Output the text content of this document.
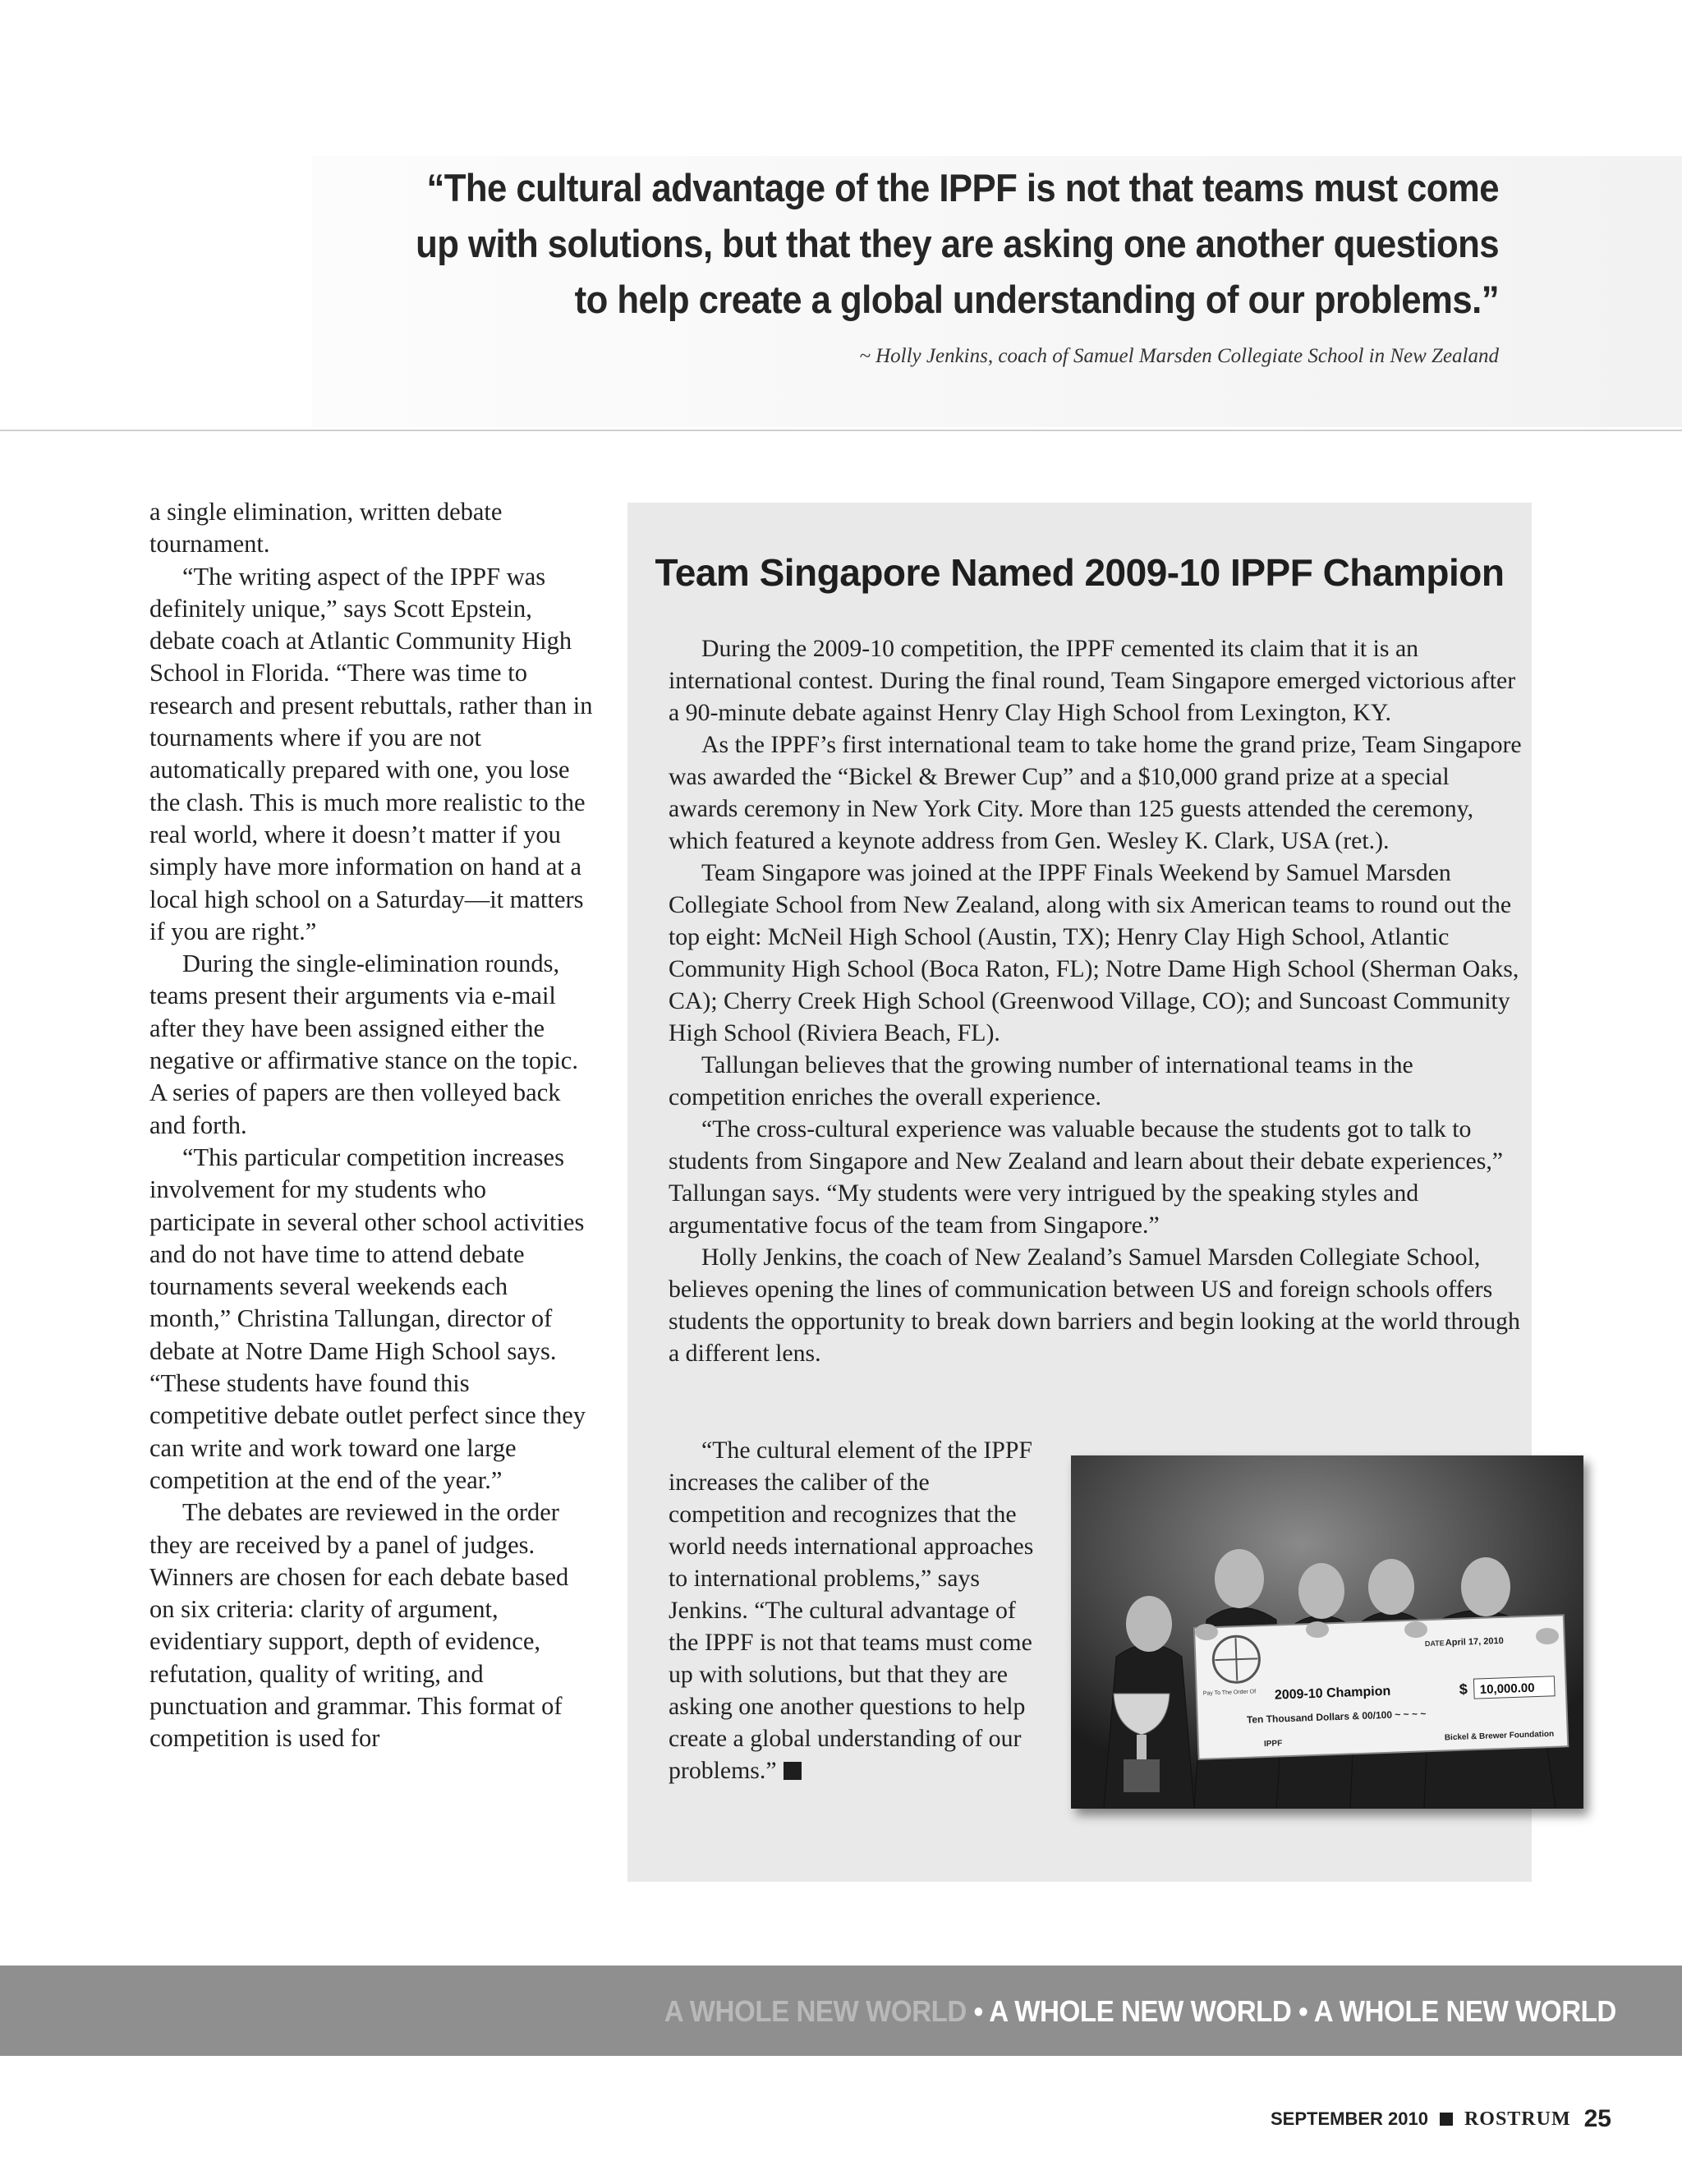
“The cultural advantage of the IPPF is not that teams must come
up with solutions, but that they are asking one another questions
to help create a global understanding of our problems.”
~ Holly Jenkins, coach of Samuel Marsden Collegiate School in New Zealand

a single elimination, written debate tournament.

“The writing aspect of the IPPF was definitely unique,” says Scott Epstein, debate coach at Atlantic Community High School in Florida. “There was time to research and present rebuttals, rather than in tournaments where if you are not automatically prepared with one, you lose the clash. This is much more realistic to the real world, where it doesn’t matter if you simply have more information on hand at a local high school on a Saturday—it matters if you are right.”

During the single-elimination rounds, teams present their arguments via e-mail after they have been assigned either the negative or affirmative stance on the topic. A series of papers are then volleyed back and forth.

“This particular competition increases involvement for my students who participate in several other school activities and do not have time to attend debate tournaments several weekends each month,” Christina Tallungan, director of debate at Notre Dame High School says. “These students have found this competitive debate outlet perfect since they can write and work toward one large competition at the end of the year.”

The debates are reviewed in the order they are received by a panel of judges. Winners are chosen for each debate based on six criteria: clarity of argument, evidentiary support, depth of evidence, refutation, quality of writing, and punctuation and grammar. This format of competition is used for

Team Singapore Named 2009-10 IPPF Champion

During the 2009-10 competition, the IPPF cemented its claim that it is an international contest. During the final round, Team Singapore emerged victorious after a 90-minute debate against Henry Clay High School from Lexington, KY.

As the IPPF’s first international team to take home the grand prize, Team Singapore was awarded the “Bickel & Brewer Cup” and a $10,000 grand prize at a special awards ceremony in New York City. More than 125 guests attended the ceremony, which featured a keynote address from Gen. Wesley K. Clark, USA (ret.).

Team Singapore was joined at the IPPF Finals Weekend by Samuel Marsden Collegiate School from New Zealand, along with six American teams to round out the top eight: McNeil High School (Austin, TX); Henry Clay High School, Atlantic Community High School (Boca Raton, FL); Notre Dame High School (Sherman Oaks, CA); Cherry Creek High School (Greenwood Village, CO); and Suncoast Community High School (Riviera Beach, FL).

Tallungan believes that the growing number of international teams in the competition enriches the overall experience.

“The cross-cultural experience was valuable because the students got to talk to students from Singapore and New Zealand and learn about their debate experiences,” Tallungan says. “My students were very intrigued by the speaking styles and argumentative focus of the team from Singapore.”

Holly Jenkins, the coach of New Zealand’s Samuel Marsden Collegiate School, believes opening the lines of communication between US and foreign schools offers students the opportunity to break down barriers and begin looking at the world through a different lens.

“The cultural element of the IPPF increases the caliber of the competition and recognizes that the world needs international approaches to international problems,” says Jenkins. “The cultural advantage of the IPPF is not that teams must come up with solutions, but that they are asking one another questions to help create a global understanding of our problems.”
DATE April 17, 2010
Pay To The Order Of 2009-10 Champion	$ 10,000.00
Ten Thousand Dollars & 00/100 ~ ~ ~ ~
IPPF
Bickel & Brewer Foundation
A WHOLE NEW WORLD • A WHOLE NEW WORLD • A WHOLE NEW WORLD
SEPTEMBER 2010 ROSTRUM 25
